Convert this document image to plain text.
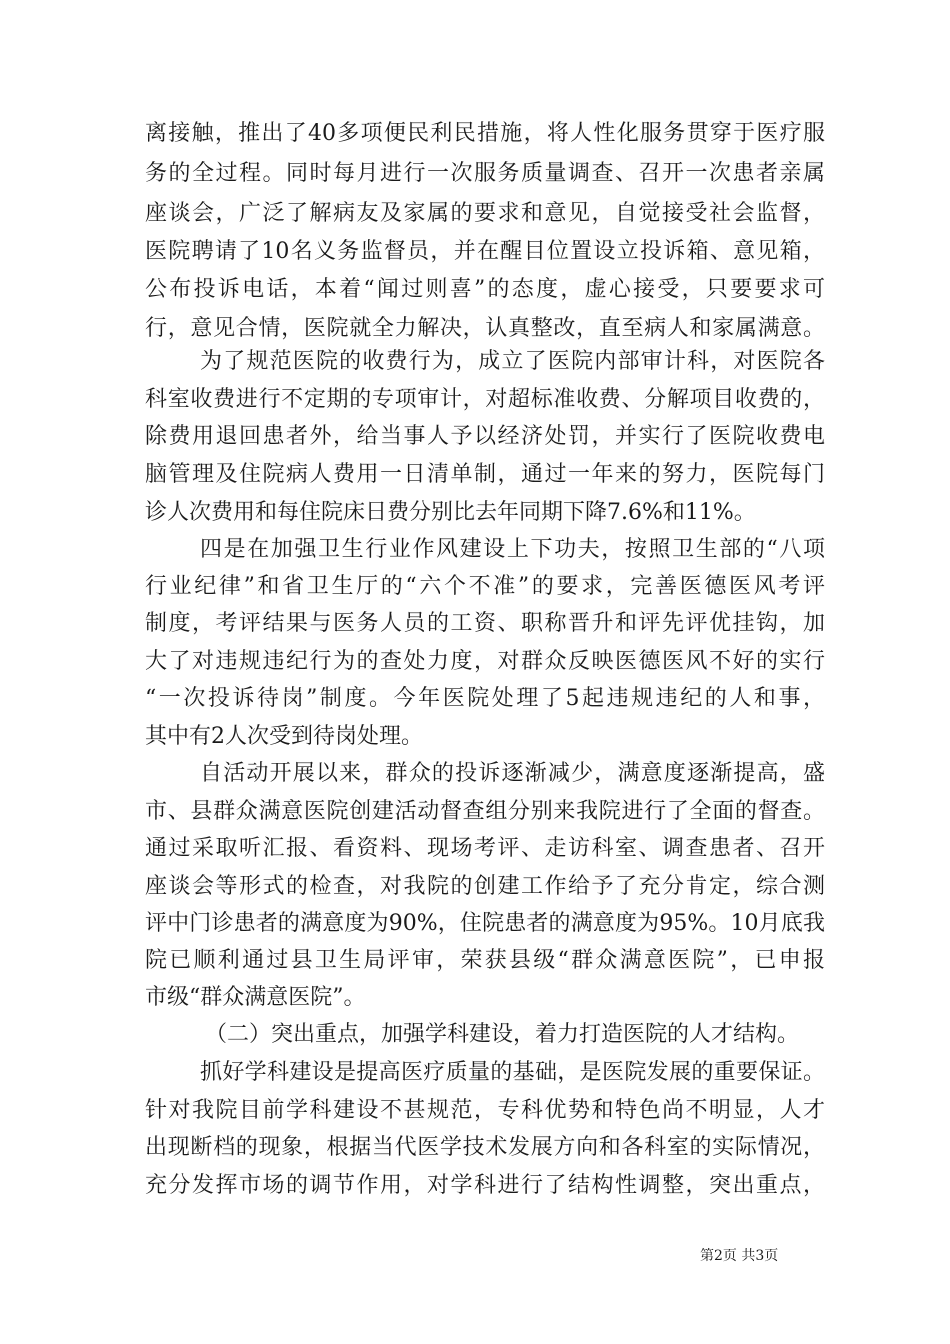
离接触，推出了40多项便民利民措施，将人性化服务贯穿于医疗服
务的全过程。同时每月进行一次服务质量调查、召开一次患者亲属
座谈会，广泛了解病友及家属的要求和意见，自觉接受社会监督，
医院聘请了10名义务监督员，并在醒目位置设立投诉箱、意见箱，
公布投诉电话，本着“闻过则喜”的态度，虚心接受，只要要求可
行，意见合情，医院就全力解决，认真整改，直至病人和家属满意。
为了规范医院的收费行为，成立了医院内部审计科，对医院各
科室收费进行不定期的专项审计，对超标准收费、分解项目收费的，
除费用退回患者外，给当事人予以经济处罚，并实行了医院收费电
脑管理及住院病人费用一日清单制，通过一年来的努力，医院每门
诊人次费用和每住院床日费分别比去年同期下降7.6%和11%。
四是在加强卫生行业作风建设上下功夫，按照卫生部的“八项
行业纪律”和省卫生厅的“六个不准”的要求，完善医德医风考评
制度，考评结果与医务人员的工资、职称晋升和评先评优挂钩，加
大了对违规违纪行为的查处力度，对群众反映医德医风不好的实行
“一次投诉待岗”制度。今年医院处理了5起违规违纪的人和事，
其中有2人次受到待岗处理。
自活动开展以来，群众的投诉逐渐减少，满意度逐渐提高，盛
市、县群众满意医院创建活动督查组分别来我院进行了全面的督查。
通过采取听汇报、看资料、现场考评、走访科室、调查患者、召开
座谈会等形式的检查，对我院的创建工作给予了充分肯定，综合测
评中门诊患者的满意度为90%，住院患者的满意度为95%。10月底我
院已顺利通过县卫生局评审，荣获县级“群众满意医院”，已申报
市级“群众满意医院”。
（二）突出重点，加强学科建设，着力打造医院的人才结构。
抓好学科建设是提高医疗质量的基础，是医院发展的重要保证。
针对我院目前学科建设不甚规范，专科优势和特色尚不明显，人才
出现断档的现象，根据当代医学技术发展方向和各科室的实际情况，
充分发挥市场的调节作用，对学科进行了结构性调整，突出重点，
第2页 共3页
